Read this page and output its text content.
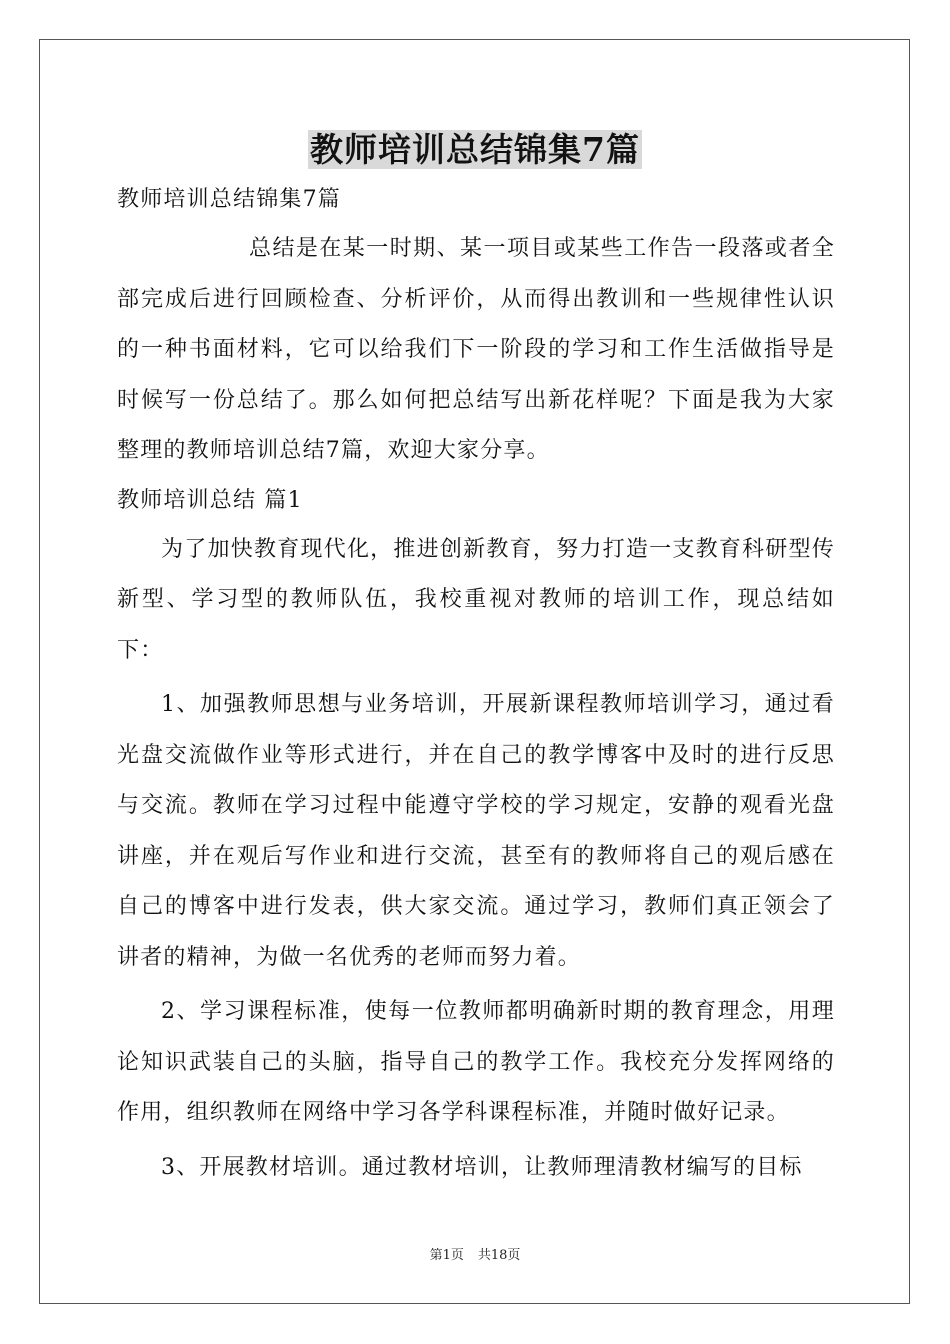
教师培训总结锦集7篇

教师培训总结锦集7篇

总结是在某一时期、某一项目或某些工作告一段落或者全部完成后进行回顾检查、分析评价，从而得出教训和一些规律性认识的一种书面材料，它可以给我们下一阶段的学习和工作生活做指导是时候写一份总结了。那么如何把总结写出新花样呢？下面是我为大家整理的教师培训总结7篇，欢迎大家分享。

教师培训总结 篇1

为了加快教育现代化，推进创新教育，努力打造一支教育科研型传新型、学习型的教师队伍，我校重视对教师的培训工作，现总结如下：

1、加强教师思想与业务培训，开展新课程教师培训学习，通过看光盘交流做作业等形式进行，并在自己的教学博客中及时的进行反思与交流。教师在学习过程中能遵守学校的学习规定，安静的观看光盘讲座，并在观后写作业和进行交流，甚至有的教师将自己的观后感在自己的博客中进行发表，供大家交流。通过学习，教师们真正领会了讲者的精神，为做一名优秀的老师而努力着。

2、学习课程标准，使每一位教师都明确新时期的教育理念，用理论知识武装自己的头脑，指导自己的教学工作。我校充分发挥网络的作用，组织教师在网络中学习各学科课程标准，并随时做好记录。

3、开展教材培训。通过教材培训，让教师理清教材编写的目标

第1页 共18页
